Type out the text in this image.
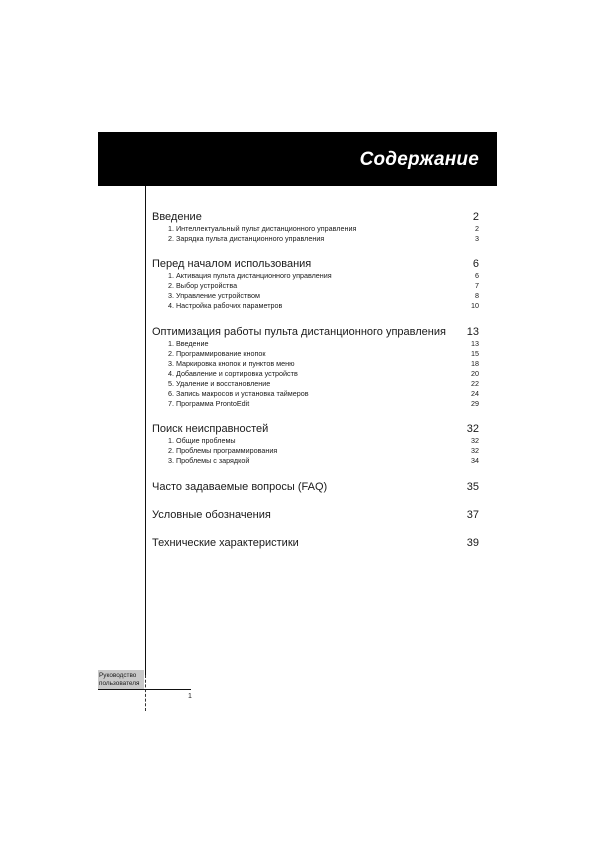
Содержание
Введение	2
1. Интеллектуальный пульт дистанционного управления	2
2. Зарядка пульта дистанционного управления	3
Перед началом использования	6
1. Активация пульта дистанционного управления	6
2. Выбор устройства	7
3. Управление устройством	8
4. Настройка рабочих параметров	10
Оптимизация работы пульта дистанционного управления 13
1. Введение	13
2. Программирование кнопок	15
3. Маркировка кнопок и пунктов меню	18
4. Добавление и сортировка устройств	20
5. Удаление и восстановление	22
6. Запись макросов и установка таймеров	24
7. Программа ProntoEdit	29
Поиск неисправностей	32
1. Общие проблемы	32
2. Проблемы программирования	32
3. Проблемы с зарядкой	34
Часто задаваемые вопросы (FAQ)	35
Условные обозначения	37
Технические характеристики	39
Руководство
пользователя
1
